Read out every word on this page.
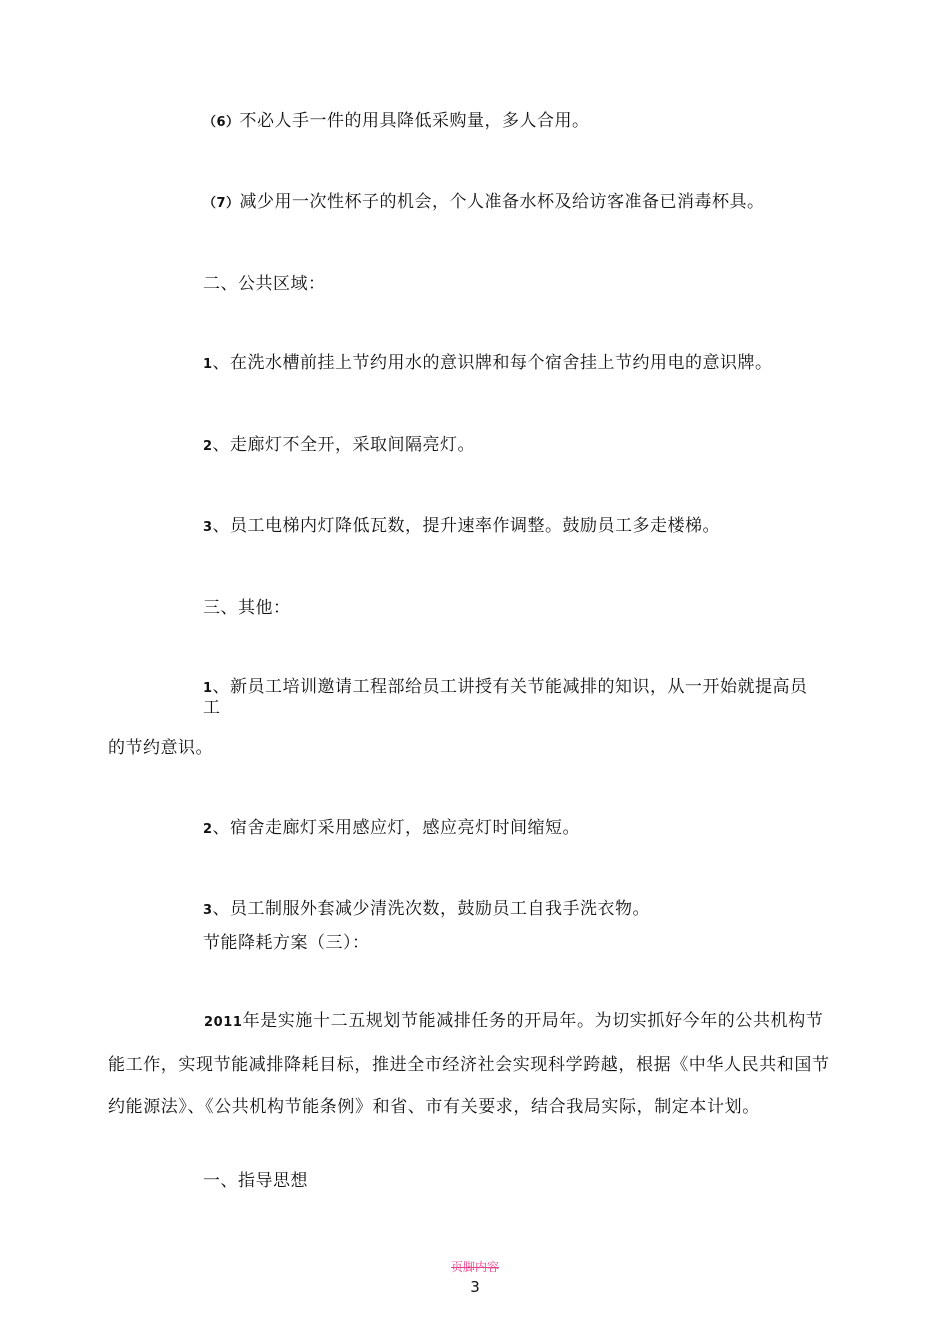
（6）不必人手一件的用具降低采购量，多人合用。
（7）减少用一次性杯子的机会，个人准备水杯及给访客准备已消毒杯具。
二、公共区域：
1、在洗水槽前挂上节约用水的意识牌和每个宿舍挂上节约用电的意识牌。
2、走廊灯不全开，采取间隔亮灯。
3、员工电梯内灯降低瓦数，提升速率作调整。鼓励员工多走楼梯。
三、其他：
1、新员工培训邀请工程部给员工讲授有关节能减排的知识，从一开始就提高员
工
的节约意识。
2、宿舍走廊灯采用感应灯，感应亮灯时间缩短。
3、员工制服外套减少清洗次数，鼓励员工自我手洗衣物。
节能降耗方案（三）：
2011年是实施十二五规划节能减排任务的开局年。为切实抓好今年的公共机构节能工作，实现节能减排降耗目标，推进全市经济社会实现科学跨越，根据《中华人民共和国节约能源法》、《公共机构节能条例》和省、市有关要求，结合我局实际，制定本计划。
一、指导思想
页脚内容
3
